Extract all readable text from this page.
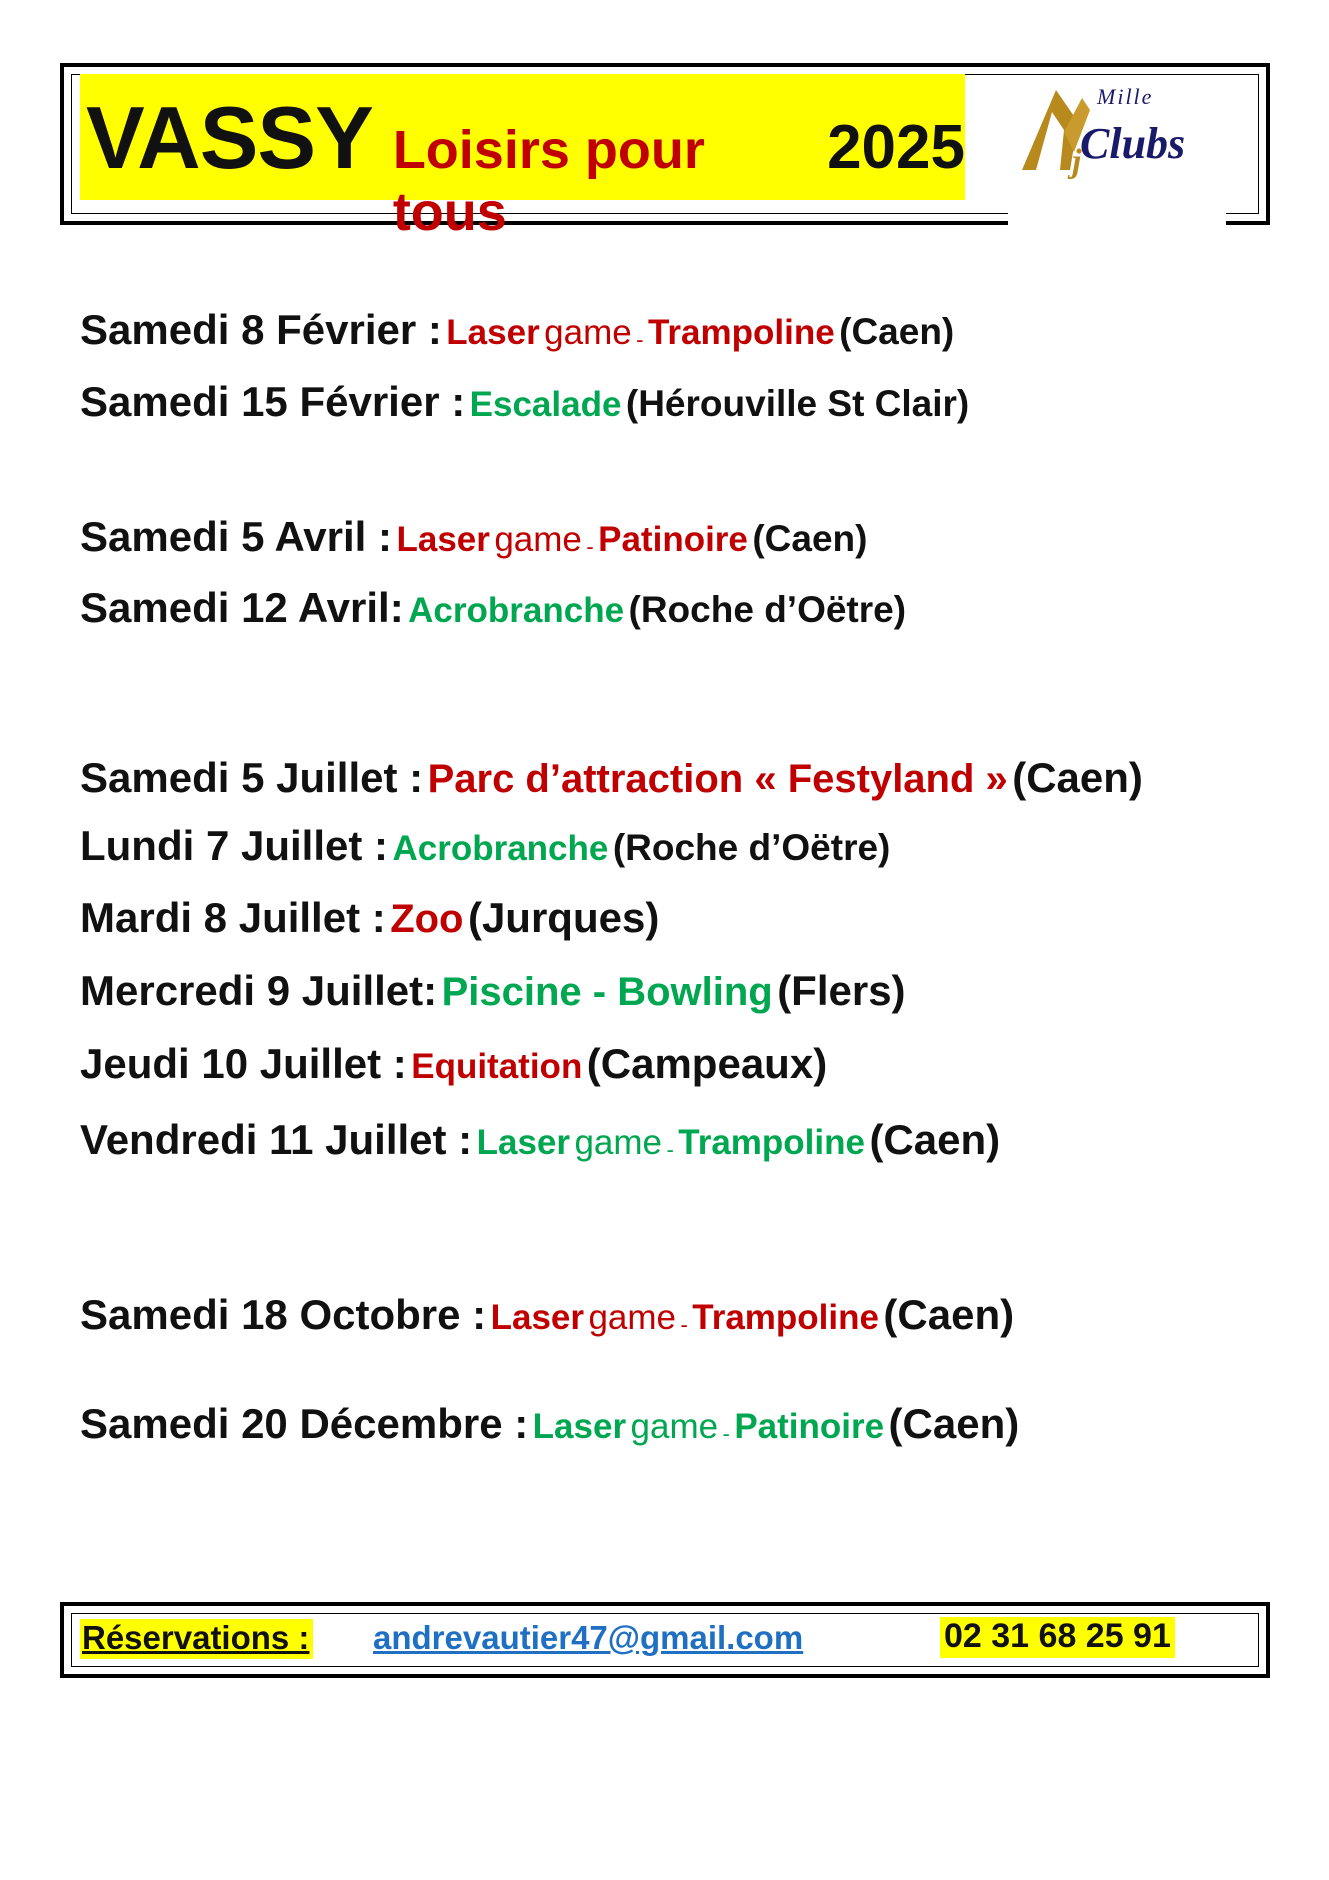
VASSY Loisirs pour tous
2025	j
Mille
Clubs
Samedi 8 Février : Laser game - Trampoline (Caen)
Samedi 15 Février : Escalade (Hérouville St Clair)
Samedi 5 Avril : Laser game - Patinoire (Caen)
Samedi 12 Avril: Acrobranche (Roche d’Oëtre)
Samedi 5 Juillet : Parc d’attraction « Festyland » (Caen)
Lundi 7 Juillet : Acrobranche (Roche d’Oëtre)
Mardi 8 Juillet : Zoo (Jurques)
Mercredi 9 Juillet: Piscine - Bowling (Flers)
Jeudi 10 Juillet : Equitation (Campeaux)
Vendredi 11 Juillet : Laser game - Trampoline (Caen)
Samedi 18 Octobre : Laser game - Trampoline (Caen)
Samedi 20 Décembre : Laser game - Patinoire (Caen)
Réservations : andrevautier47@gmail.com	02 31 68 25 91
